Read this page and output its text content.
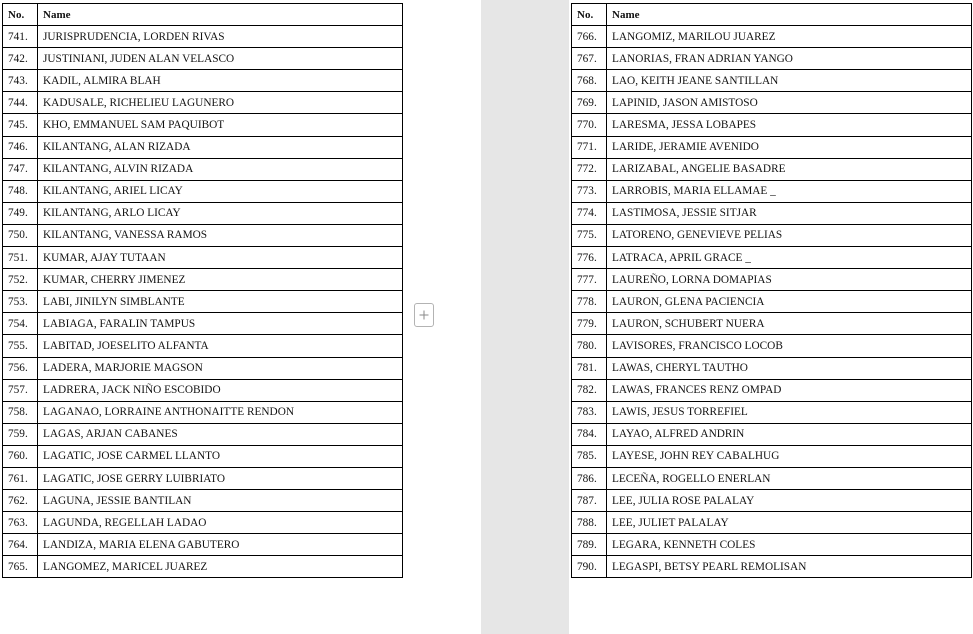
No.	Name
741.	JURISPRUDENCIA, LORDEN RIVAS
742.	JUSTINIANI, JUDEN ALAN VELASCO
743.	KADIL, ALMIRA BLAH
744.	KADUSALE, RICHELIEU LAGUNERO
745.	KHO, EMMANUEL SAM PAQUIBOT
746.	KILANTANG, ALAN RIZADA
747.	KILANTANG, ALVIN RIZADA
748.	KILANTANG, ARIEL LICAY
749.	KILANTANG, ARLO LICAY
750.	KILANTANG, VANESSA RAMOS
751.	KUMAR, AJAY TUTAAN
752.	KUMAR, CHERRY JIMENEZ
753.	LABI, JINILYN SIMBLANTE
754.	LABIAGA, FARALIN TAMPUS
755.	LABITAD, JOESELITO ALFANTA
756.	LADERA, MARJORIE MAGSON
757.	LADRERA, JACK NIÑO ESCOBIDO
758.	LAGANAO, LORRAINE ANTHONAITTE RENDON
759.	LAGAS, ARJAN CABANES
760.	LAGATIC, JOSE CARMEL LLANTO
761.	LAGATIC, JOSE GERRY LUIBRIATO
762.	LAGUNA, JESSIE BANTILAN
763.	LAGUNDA, REGELLAH LADAO
764.	LANDIZA, MARIA ELENA GABUTERO
765.	LANGOMEZ, MARICEL JUAREZ
No.	Name
766.	LANGOMIZ, MARILOU JUAREZ
767.	LANORIAS, FRAN ADRIAN YANGO
768.	LAO, KEITH JEANE SANTILLAN
769.	LAPINID, JASON AMISTOSO
770.	LARESMA, JESSA LOBAPES
771.	LARIDE, JERAMIE AVENIDO
772.	LARIZABAL, ANGELIE BASADRE
773.	LARROBIS, MARIA ELLAMAE _
774.	LASTIMOSA, JESSIE SITJAR
775.	LATORENO, GENEVIEVE PELIAS
776.	LATRACA, APRIL GRACE _
777.	LAUREÑO, LORNA DOMAPIAS
778.	LAURON, GLENA PACIENCIA
779.	LAURON, SCHUBERT NUERA
780.	LAVISORES, FRANCISCO LOCOB
781.	LAWAS, CHERYL TAUTHO
782.	LAWAS, FRANCES RENZ OMPAD
783.	LAWIS, JESUS TORREFIEL
784.	LAYAO, ALFRED ANDRIN
785.	LAYESE, JOHN REY CABALHUG
786.	LECEÑA, ROGELLO ENERLAN
787.	LEE, JULIA ROSE PALALAY
788.	LEE, JULIET PALALAY
789.	LEGARA, KENNETH COLES
790.	LEGASPI, BETSY PEARL REMOLISAN
